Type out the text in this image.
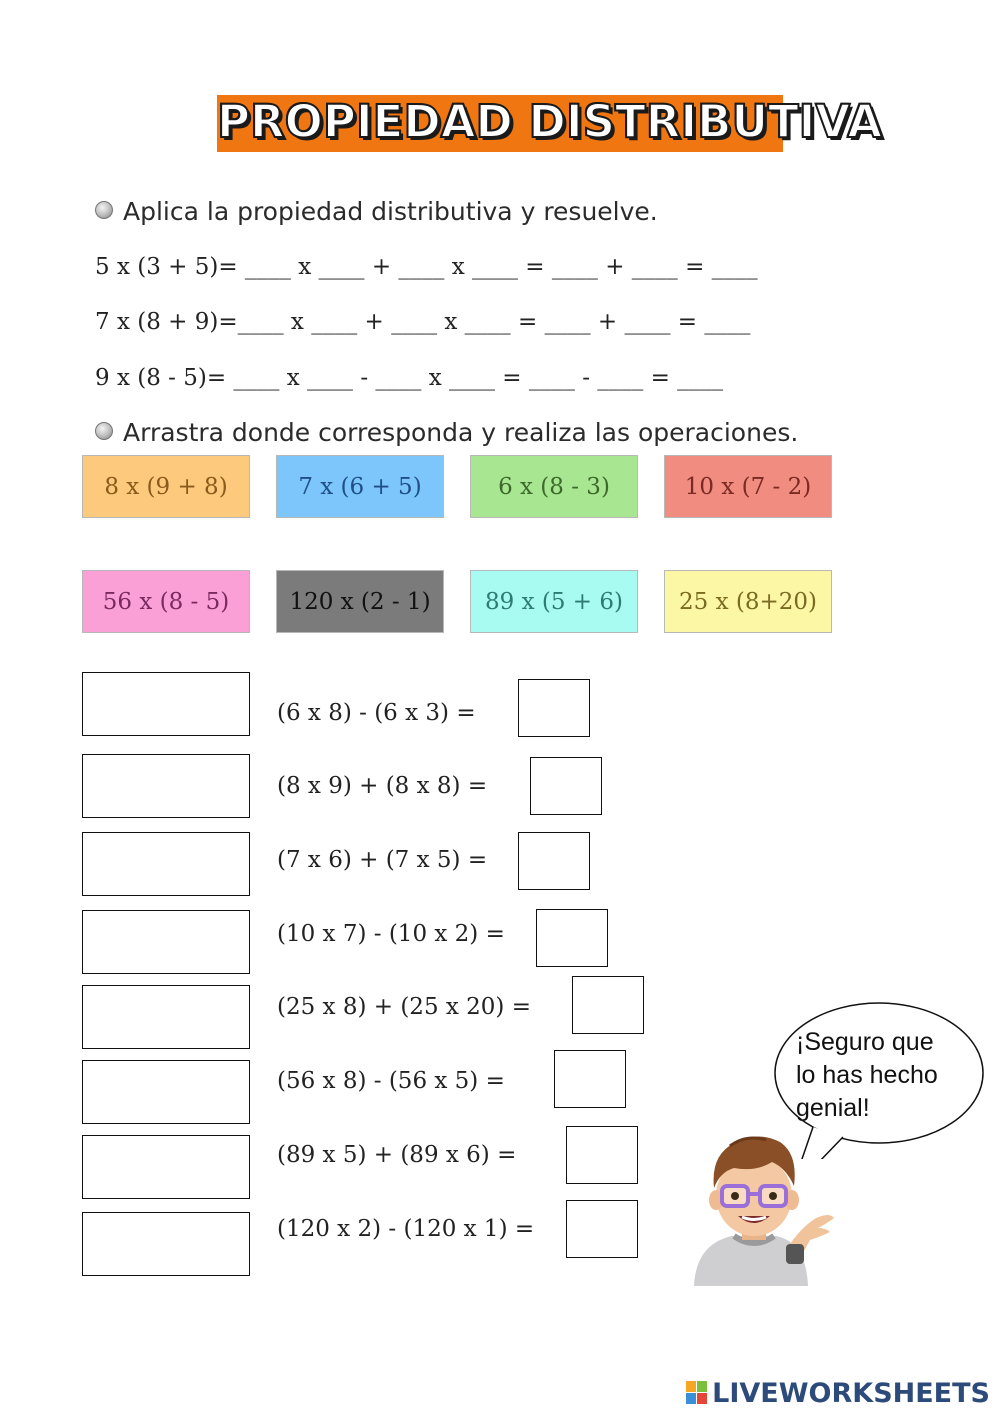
PROPIEDAD DISTRIBUTIVA
Aplica la propiedad distributiva y resuelve.
5 x (3 + 5)= ____ x ____ + ____ x ____ = ____ + ____ = ____
7 x (8 + 9)=____ x ____ + ____ x ____ = ____ + ____ = ____
9 x (8 - 5)= ____ x ____ - ____ x ____ = ____ - ____ = ____
Arrastra donde corresponda y realiza las operaciones.
8 x (9 + 8)	7 x (6 + 5)	6 x (8 - 3)	10 x (7 - 2)
56 x (8 - 5)	120 x (2 - 1)	89 x (5 + 6)	25 x (8+20)
(6 x 8) - (6 x 3) =
(8 x 9) + (8 x 8) =
(7 x 6) + (7 x 5) =
(10 x 7) - (10 x 2) =
(25 x 8) + (25 x 20) =
(56 x 8) - (56 x 5) =
(89 x 5) + (89 x 6) =
(120 x 2) - (120 x 1) =
¡Seguro que
lo has hecho
genial!
LIVEWORKSHEETS
